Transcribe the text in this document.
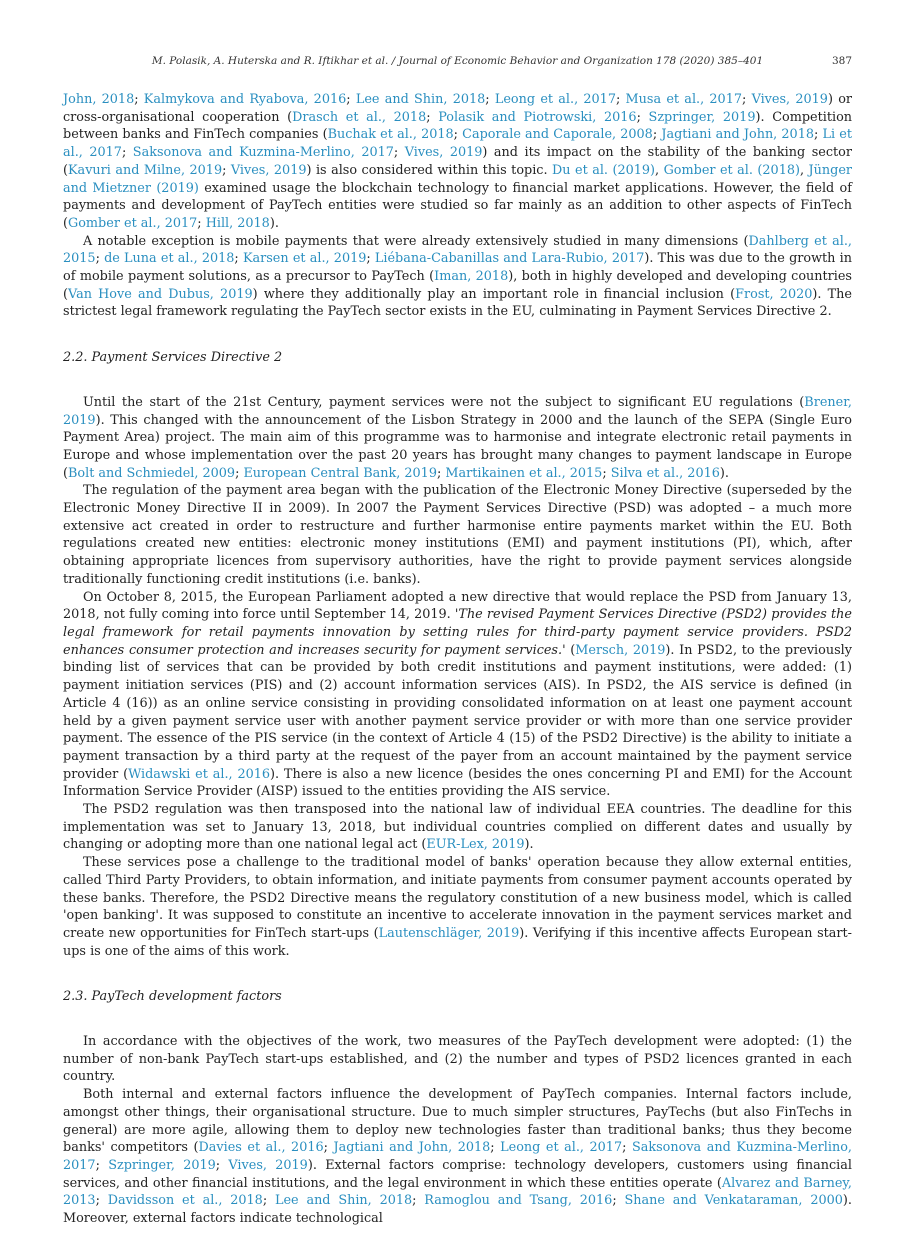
M. Polasik, A. Huterska and R. Iftikhar et al. / Journal of Economic Behavior and Organization 178 (2020) 385–401	387

John, 2018; Kalmykova and Ryabova, 2016; Lee and Shin, 2018; Leong et al., 2017; Musa et al., 2017; Vives, 2019) or cross-organisational cooperation (Drasch et al., 2018; Polasik and Piotrowski, 2016; Szpringer, 2019). Competition between banks and FinTech companies (Buchak et al., 2018; Caporale and Caporale, 2008; Jagtiani and John, 2018; Li et al., 2017; Saksonova and Kuzmina-Merlino, 2017; Vives, 2019) and its impact on the stability of the banking sector (Kavuri and Milne, 2019; Vives, 2019) is also considered within this topic. Du et al. (2019), Gomber et al. (2018), Jünger and Mietzner (2019) examined usage the blockchain technology to financial market applications. However, the field of payments and development of PayTech entities were studied so far mainly as an addition to other aspects of FinTech (Gomber et al., 2017; Hill, 2018).

A notable exception is mobile payments that were already extensively studied in many dimensions (Dahlberg et al., 2015; de Luna et al., 2018; Karsen et al., 2019; Liébana-Cabanillas and Lara-Rubio, 2017). This was due to the growth in of mobile payment solutions, as a precursor to PayTech (Iman, 2018), both in highly developed and developing countries (Van Hove and Dubus, 2019) where they additionally play an important role in financial inclusion (Frost, 2020). The strictest legal framework regulating the PayTech sector exists in the EU, culminating in Payment Services Directive 2.

2.2. Payment Services Directive 2

Until the start of the 21st Century, payment services were not the subject to significant EU regulations (Brener, 2019). This changed with the announcement of the Lisbon Strategy in 2000 and the launch of the SEPA (Single Euro Payment Area) project. The main aim of this programme was to harmonise and integrate electronic retail payments in Europe and whose implementation over the past 20 years has brought many changes to payment landscape in Europe (Bolt and Schmiedel, 2009; European Central Bank, 2019; Martikainen et al., 2015; Silva et al., 2016).

The regulation of the payment area began with the publication of the Electronic Money Directive (superseded by the Electronic Money Directive II in 2009). In 2007 the Payment Services Directive (PSD) was adopted – a much more extensive act created in order to restructure and further harmonise entire payments market within the EU. Both regulations created new entities: electronic money institutions (EMI) and payment institutions (PI), which, after obtaining appropriate licences from supervisory authorities, have the right to provide payment services alongside traditionally functioning credit institutions (i.e. banks).

On October 8, 2015, the European Parliament adopted a new directive that would replace the PSD from January 13, 2018, not fully coming into force until September 14, 2019. 'The revised Payment Services Directive (PSD2) provides the legal framework for retail payments innovation by setting rules for third-party payment service providers. PSD2 enhances consumer protection and increases security for payment services.' (Mersch, 2019). In PSD2, to the previously binding list of services that can be provided by both credit institutions and payment institutions, were added: (1) payment initiation services (PIS) and (2) account information services (AIS). In PSD2, the AIS service is defined (in Article 4 (16)) as an online service consisting in providing consolidated information on at least one payment account held by a given payment service user with another payment service provider or with more than one service provider payment. The essence of the PIS service (in the context of Article 4 (15) of the PSD2 Directive) is the ability to initiate a payment transaction by a third party at the request of the payer from an account maintained by the payment service provider (Widawski et al., 2016). There is also a new licence (besides the ones concerning PI and EMI) for the Account Information Service Provider (AISP) issued to the entities providing the AIS service.

The PSD2 regulation was then transposed into the national law of individual EEA countries. The deadline for this implementation was set to January 13, 2018, but individual countries complied on different dates and usually by changing or adopting more than one national legal act (EUR-Lex, 2019).

These services pose a challenge to the traditional model of banks' operation because they allow external entities, called Third Party Providers, to obtain information, and initiate payments from consumer payment accounts operated by these banks. Therefore, the PSD2 Directive means the regulatory constitution of a new business model, which is called 'open banking'. It was supposed to constitute an incentive to accelerate innovation in the payment services market and create new opportunities for FinTech start-ups (Lautenschläger, 2019). Verifying if this incentive affects European start-ups is one of the aims of this work.

2.3. PayTech development factors

In accordance with the objectives of the work, two measures of the PayTech development were adopted: (1) the number of non-bank PayTech start-ups established, and (2) the number and types of PSD2 licences granted in each country.

Both internal and external factors influence the development of PayTech companies. Internal factors include, amongst other things, their organisational structure. Due to much simpler structures, PayTechs (but also FinTechs in general) are more agile, allowing them to deploy new technologies faster than traditional banks; thus they become banks' competitors (Davies et al., 2016; Jagtiani and John, 2018; Leong et al., 2017; Saksonova and Kuzmina-Merlino, 2017; Szpringer, 2019; Vives, 2019). External factors comprise: technology developers, customers using financial services, and other financial institutions, and the legal environment in which these entities operate (Alvarez and Barney, 2013; Davidsson et al., 2018; Lee and Shin, 2018; Ramoglou and Tsang, 2016; Shane and Venkataraman, 2000). Moreover, external factors indicate technological
